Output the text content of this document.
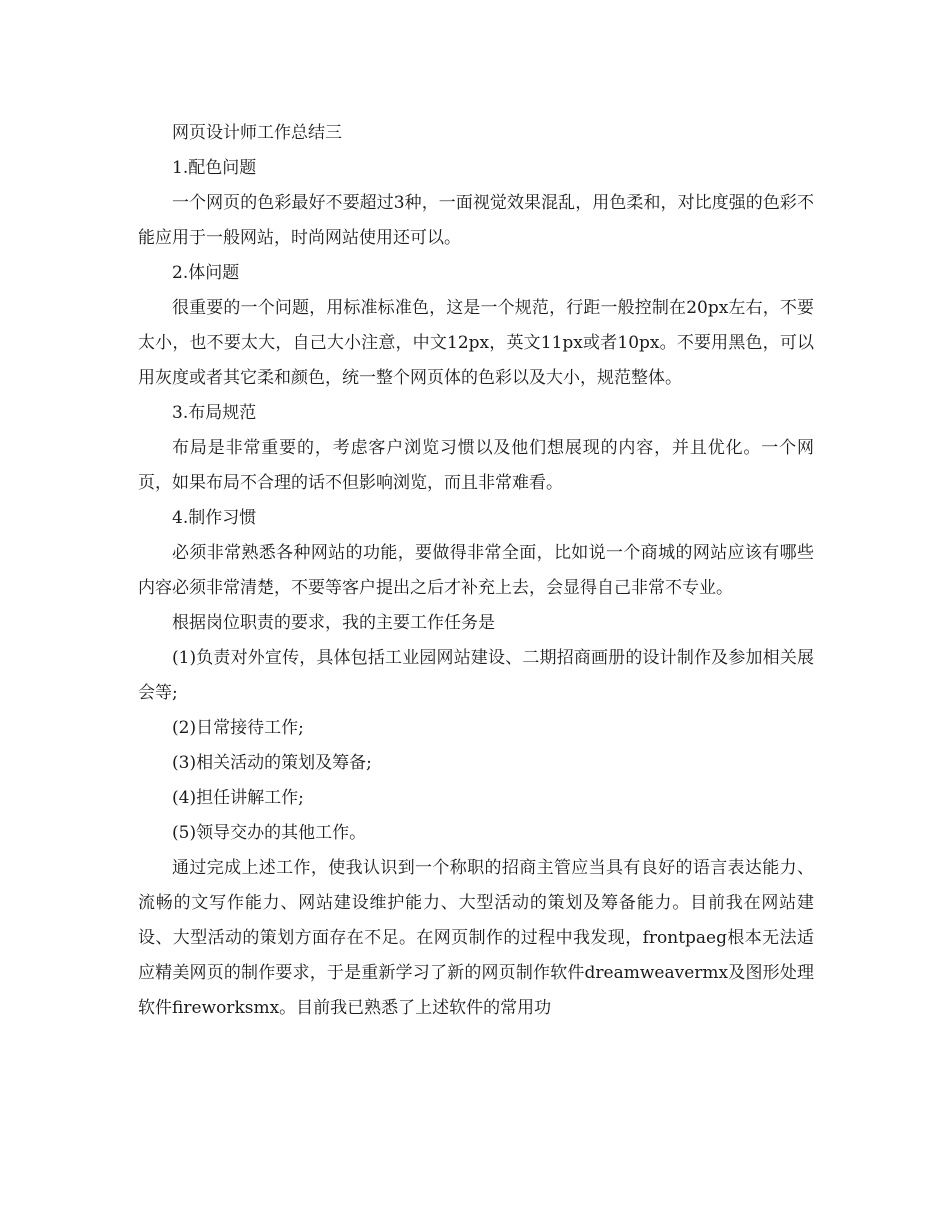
网页设计师工作总结三

1.配色问题

一个网页的色彩最好不要超过3种，一面视觉效果混乱，用色柔和，对比度强的色彩不能应用于一般网站，时尚网站使用还可以。

2.体问题

很重要的一个问题，用标准标准色，这是一个规范，行距一般控制在20px左右，不要太小，也不要太大，自己大小注意，中文12px，英文11px或者10px。不要用黑色，可以用灰度或者其它柔和颜色，统一整个网页体的色彩以及大小，规范整体。

3.布局规范

布局是非常重要的，考虑客户浏览习惯以及他们想展现的内容，并且优化。一个网页，如果布局不合理的话不但影响浏览，而且非常难看。

4.制作习惯

必须非常熟悉各种网站的功能，要做得非常全面，比如说一个商城的网站应该有哪些内容必须非常清楚，不要等客户提出之后才补充上去，会显得自己非常不专业。

根据岗位职责的要求，我的主要工作任务是

(1)负责对外宣传，具体包括工业园网站建设、二期招商画册的设计制作及参加相关展会等;

(2)日常接待工作;

(3)相关活动的策划及筹备;

(4)担任讲解工作;

(5)领导交办的其他工作。

通过完成上述工作，使我认识到一个称职的招商主管应当具有良好的语言表达能力、流畅的文写作能力、网站建设维护能力、大型活动的策划及筹备能力。目前我在网站建设、大型活动的策划方面存在不足。在网页制作的过程中我发现，frontpaeg根本无法适应精美网页的制作要求，于是重新学习了新的网页制作软件dreamweavermx及图形处理软件fireworksmx。目前我已熟悉了上述软件的常用功
